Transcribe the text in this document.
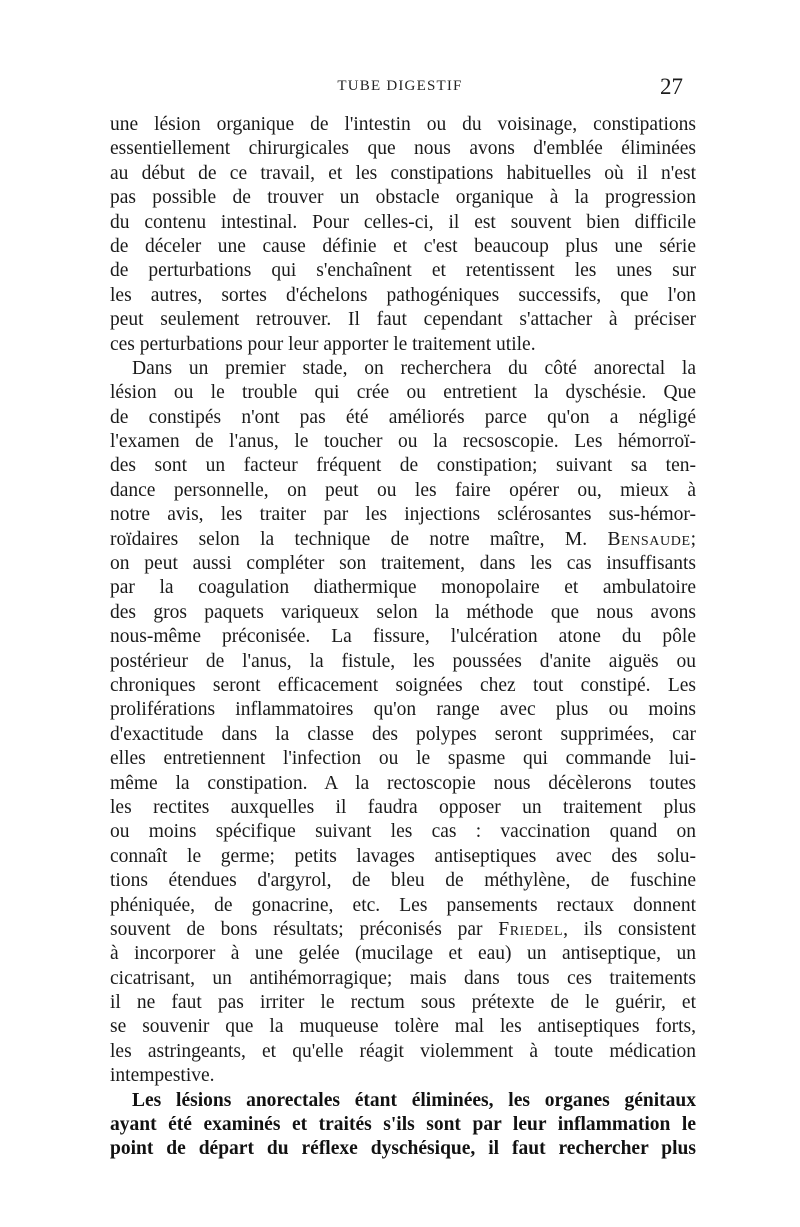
TUBE DIGESTIF	27
une lésion organique de l'intestin ou du voisinage, constipations
essentiellement chirurgicales que nous avons d'emblée éliminées
au début de ce travail, et les constipations habituelles où il n'est
pas possible de trouver un obstacle organique à la progression
du contenu intestinal. Pour celles-ci, il est souvent bien difficile
de déceler une cause définie et c'est beaucoup plus une série
de perturbations qui s'enchaînent et retentissent les unes sur
les autres, sortes d'échelons pathogéniques successifs, que l'on
peut seulement retrouver. Il faut cependant s'attacher à préciser
ces perturbations pour leur apporter le traitement utile.
Dans un premier stade, on recherchera du côté anorectal la
lésion ou le trouble qui crée ou entretient la dyschésie. Que
de constipés n'ont pas été améliorés parce qu'on a négligé
l'examen de l'anus, le toucher ou la recsoscopie. Les hémorroï-
des sont un facteur fréquent de constipation; suivant sa ten-
dance personnelle, on peut ou les faire opérer ou, mieux à
notre avis, les traiter par les injections sclérosantes sus-hémor-
roïdaires selon la technique de notre maître, M. Bensaude;
on peut aussi compléter son traitement, dans les cas insuffisants
par la coagulation diathermique monopolaire et ambulatoire
des gros paquets variqueux selon la méthode que nous avons
nous-même préconisée. La fissure, l'ulcération atone du pôle
postérieur de l'anus, la fistule, les poussées d'anite aiguës ou
chroniques seront efficacement soignées chez tout constipé. Les
proliférations inflammatoires qu'on range avec plus ou moins
d'exactitude dans la classe des polypes seront supprimées, car
elles entretiennent l'infection ou le spasme qui commande lui-
même la constipation. A la rectoscopie nous décèlerons toutes
les rectites auxquelles il faudra opposer un traitement plus
ou moins spécifique suivant les cas : vaccination quand on
connaît le germe; petits lavages antiseptiques avec des solu-
tions étendues d'argyrol, de bleu de méthylène, de fuschine
phéniquée, de gonacrine, etc. Les pansements rectaux donnent
souvent de bons résultats; préconisés par Friedel, ils consistent
à incorporer à une gelée (mucilage et eau) un antiseptique, un
cicatrisant, un antihémorragique; mais dans tous ces traitements
il ne faut pas irriter le rectum sous prétexte de le guérir, et
se souvenir que la muqueuse tolère mal les antiseptiques forts,
les astringeants, et qu'elle réagit violemment à toute médication
intempestive.
Les lésions anorectales étant éliminées, les organes génitaux
ayant été examinés et traités s'ils sont par leur inflammation le
point de départ du réflexe dyschésique, il faut rechercher plus
